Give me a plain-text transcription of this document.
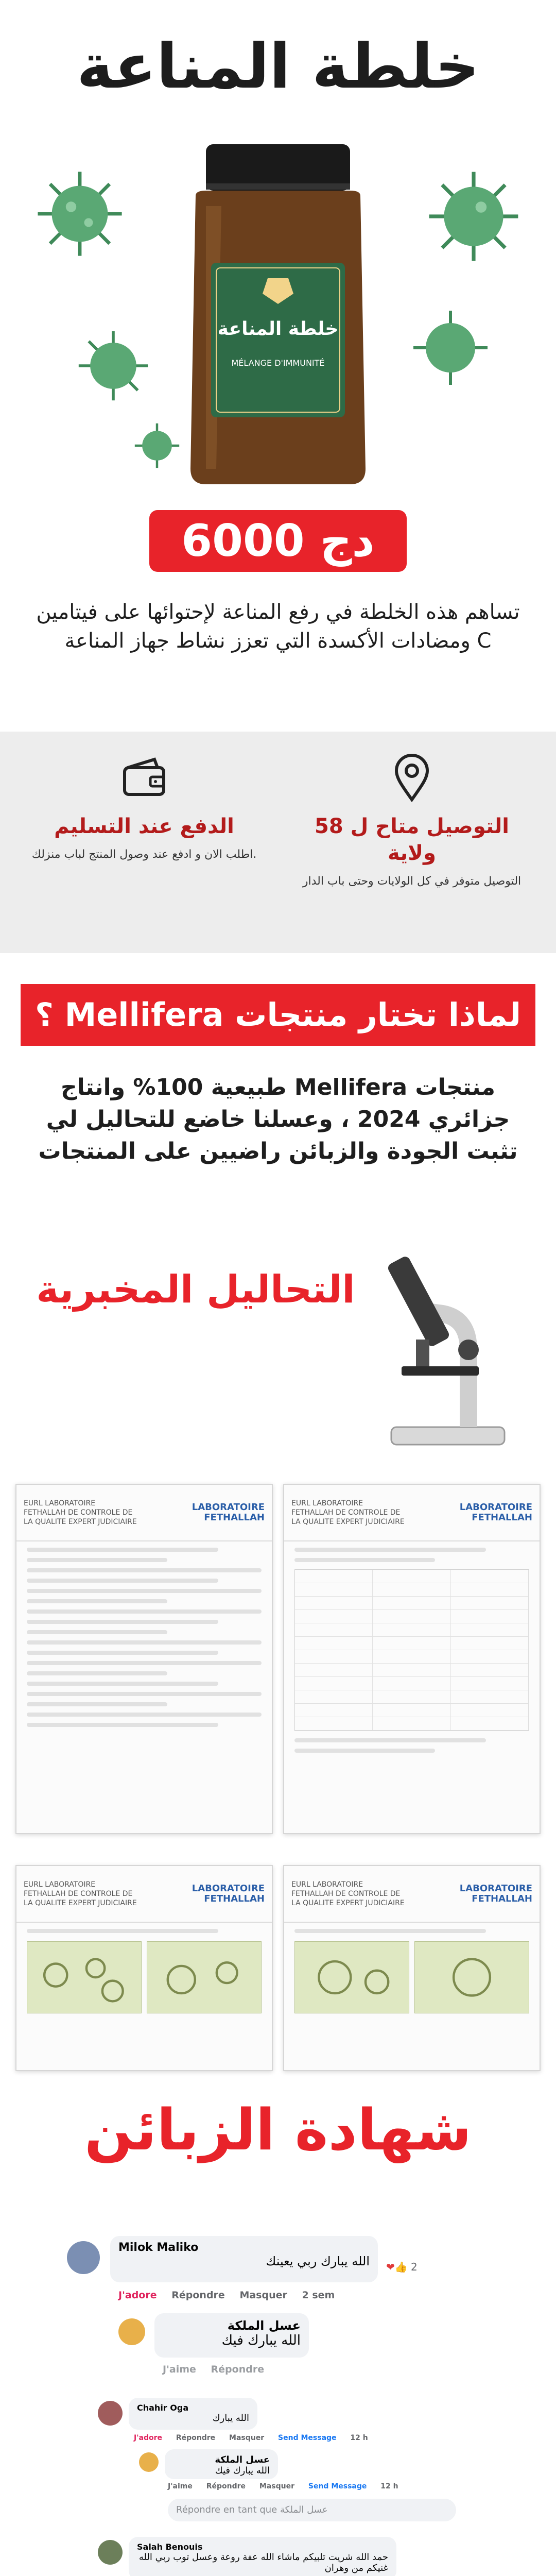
خلطة المناعة
خلطة المناعة
MÉLANGE D'IMMUNITÉ
6000 دج
تساهم هذه الخلطة في رفع المناعة لإحتوائها على فيتامين C ومضادات الأكسدة التي تعزز نشاط جهاز المناعة
الدفع عند التسليم
.اطلب الان و ادفع عند وصول المنتج لباب منزلك
التوصيل متاح ل 58 ولاية
التوصيل متوفر في كل الولايات وحتى باب الدار
لماذا تختار منتجات Mellifera ؟
منتجات Mellifera طبيعية 100% وانتاج جزائري 2024 ، وعسلنا خاضع للتحاليل لي تثبت الجودة والزبائن راضيين على المنتجات
التحاليل المخبرية
EURL LABORATOIRE FETHALLAH DE CONTROLE DE LA QUALITE EXPERT JUDICIAIRE
LABORATOIRE FETHALLAH
EURL LABORATOIRE FETHALLAH DE CONTROLE DE LA QUALITE EXPERT JUDICIAIRE
LABORATOIRE FETHALLAH
EURL LABORATOIRE FETHALLAH DE CONTROLE DE LA QUALITE EXPERT JUDICIAIRE
LABORATOIRE FETHALLAH
EURL LABORATOIRE FETHALLAH DE CONTROLE DE LA QUALITE EXPERT JUDICIAIRE
LABORATOIRE FETHALLAH
شهادة الزبائن
Milok Maliko
الله يبارك ربي يعينك ❤👍 2
J'adore Répondre Masquer 2 sem
عسل الملكة
الله يبارك فيك
J'aime Répondre
Chahir Oga
الله يبارك
J'adore Répondre Masquer Send Message 12 h
عسل الملكة
الله يبارك فيك
J'aime Répondre Masquer Send Message 12 h
Répondre en tant que عسل الملكة
Salah Benouis
حمد الله شريت تلبيكم ماشاء الله عفة روعة وعسل توب ربي الله غنيكم من وهران
